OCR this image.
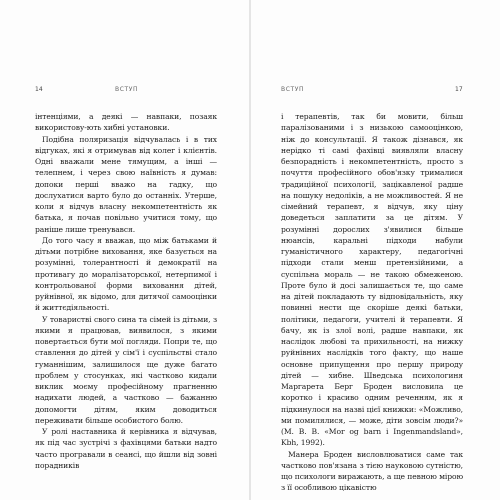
14	ВСТУП

інтенціями, а деякі — навпаки, позаяк використову-ють хибні установки.

Подібна поляризація відчувалась і в тих відгуках, які я отримував від колег і клієнтів. Одні вважали мене тямущим, а інші — телепнем, і через свою наївність я думав: допоки перші вважо на гадку, що дослухатися варто було до останніх. Утерше, коли я відчув власну некомпетентність як батька, я почав повільно учитися тому, що раніше лише тренувався.

До того часу я вважав, що між батьками й дітьми потрібне виховання, яке базується на розумінні, толерантності й демократії на противагу до моралізаторської, нетерпимої і контрольованої форми виховання дітей, руйнівної, як відомо, для дитячої самооцінки й життєдіяльності.

У товаристві свого сина та сімей із дітьми, з якими я працював, виявилося, з якими повертається бути мої погляди. Попри те, що ставлення до дітей у сім'ї і суспільстві стало гуманнішим, залишилося ще дуже багато проблем у стосунках, які частково кидали виклик моєму професійному прагненню надихати людей, а частково — бажанню допомогти дітям, яким доводиться переживати більше особистого болю.

У ролі наставника й керівника я відчував, як під час зустрічі з фахівцями батьки надто часто програвали в сеансі, що йшли від зовні порадників

ВСТУП	17

і терапевтів, так би мовити, більш паралізованими і з низькою самооцінкою, ніж до консультації. Я також дізнався, як нерідко ті самі фахівці виявляли власну безпорадність і некомпетентність, просто з почуття професійного обов'язку трималися традиційної психології, зацікавленої радше на пошуку недоліків, а не можливостей. Я не сімейний терапевт, я відчув, яку ціну доведеться заплатити за це дітям. У розумінні дорослих з'явилися більше нюансів, каральні підходи набули гуманістичного характеру, педагогічні підходи стали менш претензійними, а суспільна мораль — не такою обмеженою. Проте було й досі залишається те, що саме на дітей покладають ту відповідальність, яку повинні нести ще скоріше деякі батьки, політики, педагоги, учителі й терапевти. Я бачу, як із злої волі, радше навпаки, як наслідок любові та прихильності, на нижку руйнівних наслідків того факту, що наше основне припущення про першу природу дітей — хибне. Шведська психологиня Маргарета Берг Броден висловила це коротко і красиво одним реченням, як я підкинулося на назві цієї книжки: «Можливо, ми помилялися, — може, діти зовсім люди?» (М. В. В. «Mor og barn i Ingenmandsland», Kbh, 1992).

Манера Броден висловлюватися саме так частково пов'язана з тією науковою сутністю, що психологи виражають, а ще певною мірою з її особливою цікавістю
